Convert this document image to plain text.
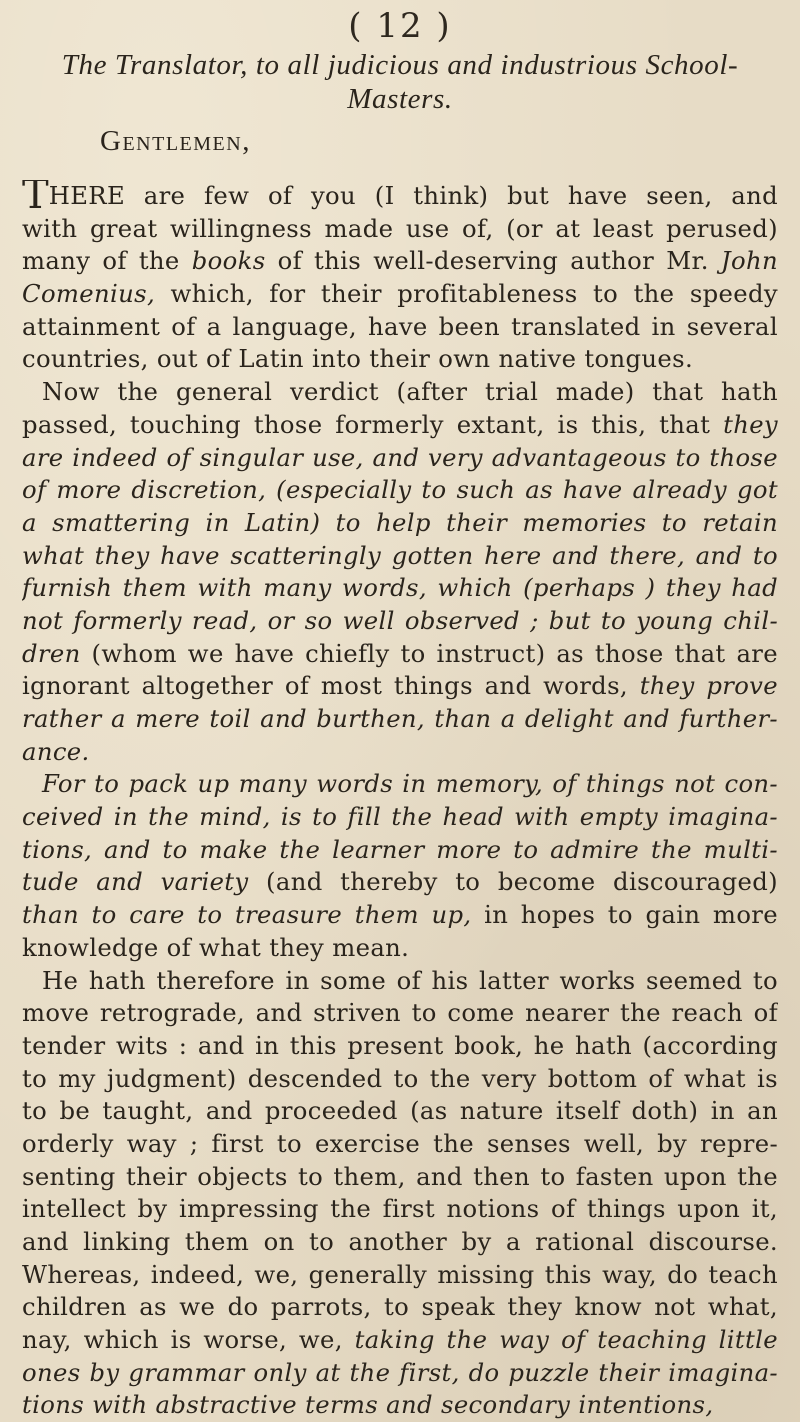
( 12 )
The Translator, to all judicious and industrious School-
Masters.
Gentlemen,
THERE are few of you (I think) but have seen, and
with great willingness made use of, (or at least perused)
many of the books of this well-deserving author Mr. John
Comenius, which, for their profitableness to the speedy
attainment of a language, have been translated in several
countries, out of Latin into their own native tongues.
Now the general verdict (after trial made) that hath
passed, touching those formerly extant, is this, that they
are indeed of singular use, and very advantageous to those
of more discretion, (especially to such as have already got
a smattering in Latin) to help their memories to retain
what they have scatteringly gotten here and there, and to
furnish them with many words, which (perhaps ) they had
not formerly read, or so well observed ; but to young chil-
dren (whom we have chiefly to instruct) as those that are
ignorant altogether of most things and words, they prove
rather a mere toil and burthen, than a delight and further-
ance.
For to pack up many words in memory, of things not con-
ceived in the mind, is to fill the head with empty imagina-
tions, and to make the learner more to admire the multi-
tude and variety (and thereby to become discouraged)
than to care to treasure them up, in hopes to gain more
knowledge of what they mean.
He hath therefore in some of his latter works seemed to
move retrograde, and striven to come nearer the reach of
tender wits : and in this present book, he hath (according
to my judgment) descended to the very bottom of what is
to be taught, and proceeded (as nature itself doth) in an
orderly way ; first to exercise the senses well, by repre-
senting their objects to them, and then to fasten upon the
intellect by impressing the first notions of things upon it,
and linking them on to another by a rational discourse.
Whereas, indeed, we, generally missing this way, do teach
children as we do parrots, to speak they know not what,
nay, which is worse, we, taking the way of teaching little
ones by grammar only at the first, do puzzle their imagina-
tions with abstractive terms and secondary intentions,
